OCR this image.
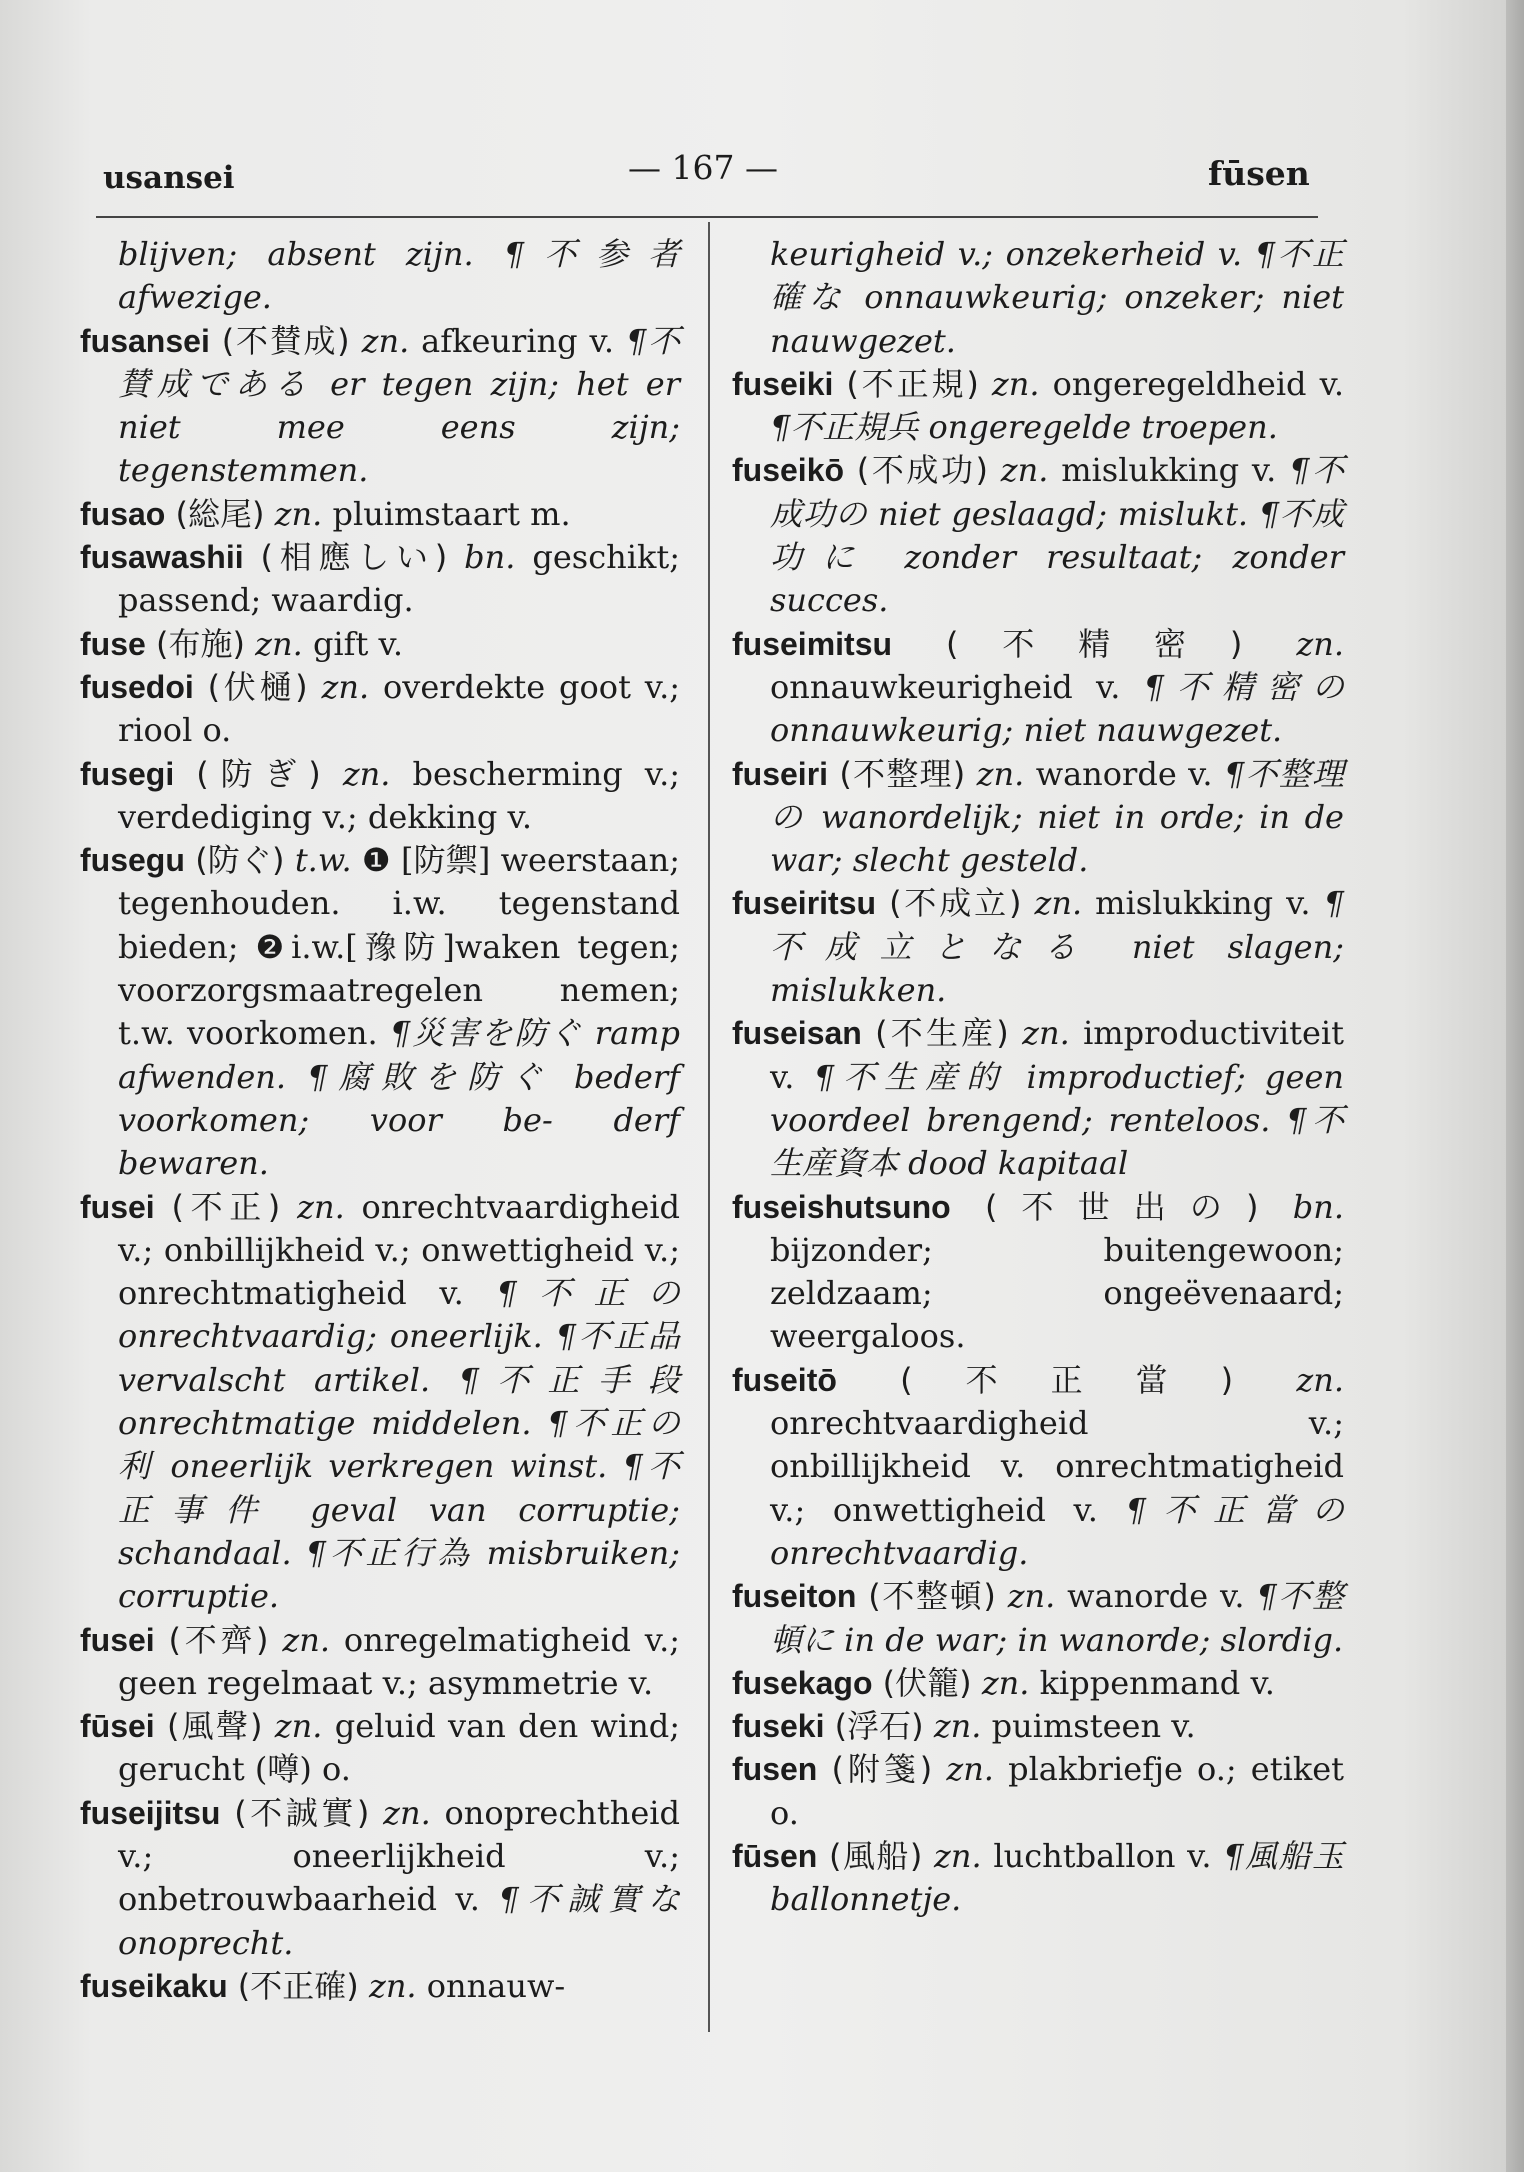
usansei	— 167 —	fūsen

blijven; absent zijn. ¶不参者 afwezige.

fusansei (不賛成) zn. afkeuring v. ¶不賛成である er tegen zijn; het er niet mee eens zijn; tegenstemmen.

fusao (総尾) zn. pluimstaart m.

fusawashii (相應しい) bn. geschikt; passend; waardig.

fuse (布施) zn. gift v.

fusedoi (伏樋) zn. overdekte goot v.; riool o.

fusegi (防ぎ) zn. bescherming v.; verdediging v.; dekking v.

fusegu (防ぐ) t.w. ❶ [防禦] weerstaan; tegenhouden. i.w. tegenstand bieden; ❷i.w.[豫防]waken tegen; voorzorgsmaatregelen nemen; t.w. voorkomen. ¶災害を防ぐ ramp afwenden. ¶腐敗を防ぐ bederf voorkomen; voor be- derf bewaren.

fusei (不正) zn. onrechtvaardigheid v.; onbillijkheid v.; onwettigheid v.; onrechtmatigheid v. ¶不正の onrechtvaardig; oneerlijk. ¶不正品 vervalscht artikel. ¶不正手段 onrechtmatige middelen. ¶不正の利 oneerlijk verkregen winst. ¶不正事件 geval van corruptie; schandaal. ¶不正行為 misbruiken; corruptie.

fusei (不齊) zn. onregelmatigheid v.; geen regelmaat v.; asymmetrie v.

fūsei (風聲) zn. geluid van den wind; gerucht (噂) o.

fuseijitsu (不誠實) zn. onoprechtheid v.; oneerlijkheid v.; onbetrouwbaarheid v. ¶不誠實な onoprecht.

fuseikaku (不正確) zn. onnauw-

keurigheid v.; onzekerheid v. ¶不正確な onnauwkeurig; onzeker; niet nauwgezet.

fuseiki (不正規) zn. ongeregeldheid v. ¶不正規兵 ongeregelde troepen.

fuseikō (不成功) zn. mislukking v. ¶不成功の niet geslaagd; mislukt. ¶不成功に zonder resultaat; zonder succes.

fuseimitsu (不精密) zn. onnauwkeurigheid v. ¶不精密の onnauwkeurig; niet nauwgezet.

fuseiri (不整理) zn. wanorde v. ¶不整理の wanordelijk; niet in orde; in de war; slecht gesteld.

fuseiritsu (不成立) zn. mislukking v. ¶不成立となる niet slagen; mislukken.

fuseisan (不生産) zn. improductiviteit v. ¶不生産的 improductief; geen voordeel brengend; renteloos. ¶不生産資本 dood kapitaal

fuseishutsuno (不世出の) bn. bijzonder; buitengewoon; zeldzaam; ongeëvenaard; weergaloos.

fuseitō (不正當) zn. onrechtvaardigheid v.; onbillijkheid v. onrechtmatigheid v.; onwettigheid v. ¶不正當の onrechtvaardig.

fuseiton (不整頓) zn. wanorde v. ¶不整頓に in de war; in wanorde; slordig.

fusekago (伏籠) zn. kippenmand v.

fuseki (浮石) zn. puimsteen v.

fusen (附箋) zn. plakbriefje o.; etiket o.

fūsen (風船) zn. luchtballon v. ¶風船玉 ballonnetje.
